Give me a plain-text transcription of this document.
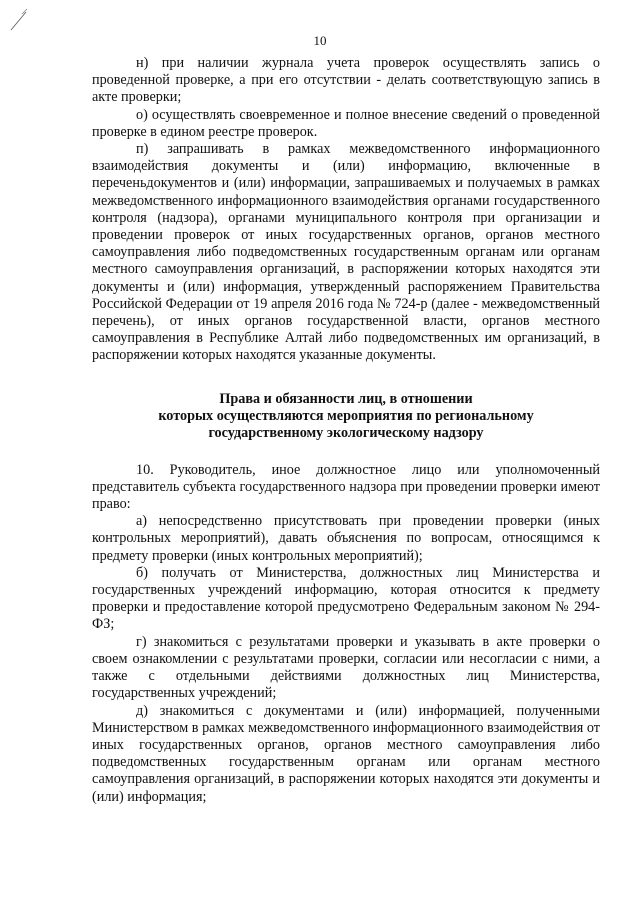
10

н) при наличии журнала учета проверок осуществлять запись о проведенной проверке, а при его отсутствии - делать соответствующую запись в акте проверки;

о) осуществлять своевременное и полное внесение сведений о проведенной проверке в едином реестре проверок.

п) запрашивать в рамках межведомственного информационного взаимодействия документы и (или) информацию, включенные в переченьдокументов и (или) информации, запрашиваемых и получаемых в рамках межведомственного информационного взаимодействия органами государственного контроля (надзора), органами муниципального контроля при организации и проведении проверок от иных государственных органов, органов местного самоуправления либо подведомственных государственным органам или органам местного самоуправления организаций, в распоряжении которых находятся эти документы и (или) информация, утвержденный распоряжением Правительства Российской Федерации от 19 апреля 2016 года № 724-р (далее - межведомственный перечень), от иных органов государственной власти, органов местного самоуправления в Республике Алтай либо подведомственных им организаций, в распоряжении которых находятся указанные документы.

Права и обязанности лиц, в отношении
которых осуществляются мероприятия по региональному
государственному экологическому надзору

10. Руководитель, иное должностное лицо или уполномоченный представитель субъекта государственного надзора при проведении проверки имеют право:

а) непосредственно присутствовать при проведении проверки (иных контрольных мероприятий), давать объяснения по вопросам, относящимся к предмету проверки (иных контрольных мероприятий);

б) получать от Министерства, должностных лиц Министерства и государственных учреждений информацию, которая относится к предмету проверки и предоставление которой предусмотрено Федеральным законом № 294-ФЗ;

г) знакомиться с результатами проверки и указывать в акте проверки о своем ознакомлении с результатами проверки, согласии или несогласии с ними, а также с отдельными действиями должностных лиц Министерства, государственных учреждений;

д) знакомиться с документами и (или) информацией, полученными Министерством в рамках межведомственного информационного взаимодействия от иных государственных органов, органов местного самоуправления либо подведомственных государственным органам или органам местного самоуправления организаций, в распоряжении которых находятся эти документы и (или) информация;
